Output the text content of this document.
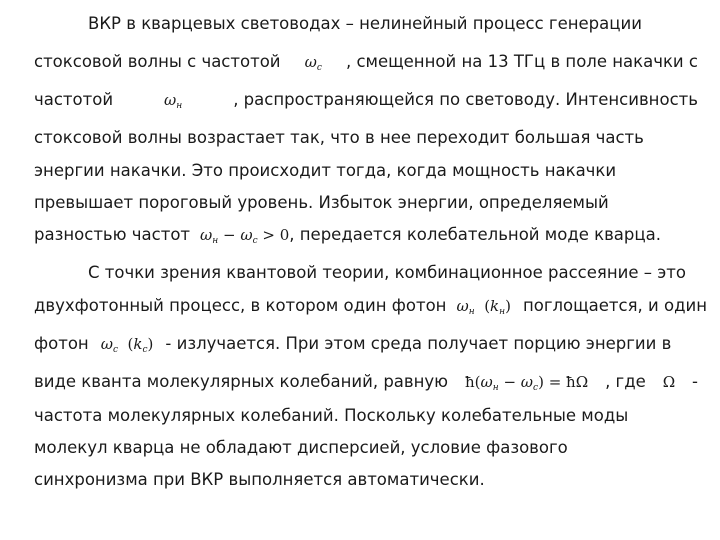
ВКР в кварцевых световодах – нелинейный процесс генерации
стоксовой волны с частотой $\omega_с$ , смещенной на 13 ТГц в поле накачки с
частотой	$\omega_н$	, распространяющейся по световоду. Интенсивность
стоксовой волны возрастает так, что в нее переходит большая часть
энергии накачки. Это происходит тогда, когда мощность накачки
превышает пороговый уровень. Избыток энергии, определяемый
разностью частот $\omega_н - \omega_с > 0$ , передается колебательной моде кварца.
С точки зрения квантовой теории, комбинационное рассеяние – это
двухфотонный процесс, в котором один фотон $\omega_н$ $(k_н)$ поглощается, и один
фотон $\omega_с$ $(k_с)$ - излучается. При этом среда получает порцию энергии в
виде кванта молекулярных колебаний, равную $ħ(\omega_н - \omega_с)$ = ħΩ , где Ω -
частота молекулярных колебаний. Поскольку колебательные моды
молекул кварца не обладают дисперсией, условие фазового
синхронизма при ВКР выполняется автоматически.
